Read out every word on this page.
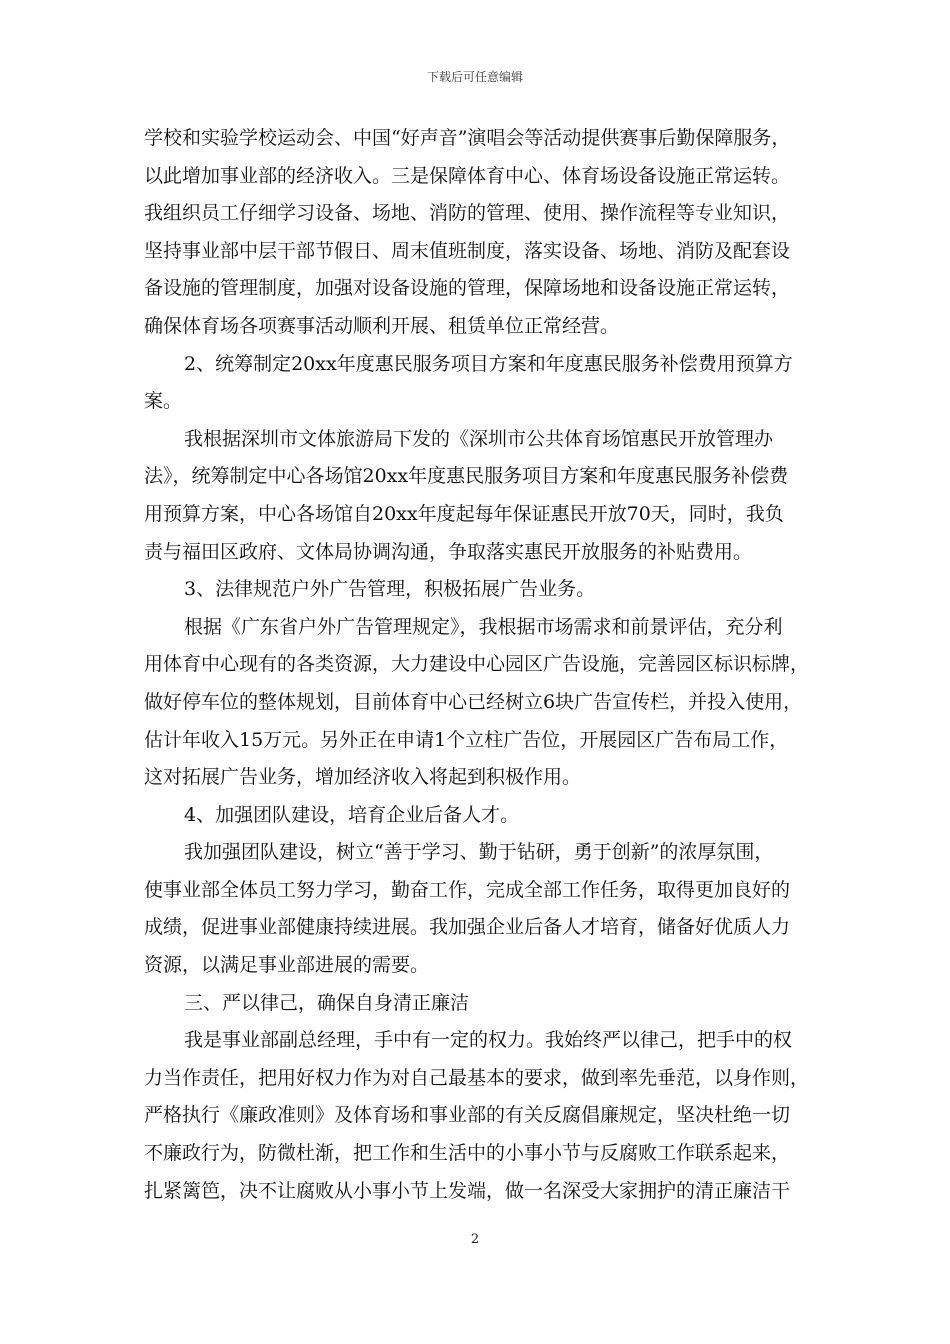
下载后可任意编辑
学校和实验学校运动会、中国“好声音”演唱会等活动提供赛事后勤保障服务，
以此增加事业部的经济收入。三是保障体育中心、体育场设备设施正常运转。
我组织员工仔细学习设备、场地、消防的管理、使用、操作流程等专业知识，
坚持事业部中层干部节假日、周末值班制度，落实设备、场地、消防及配套设
备设施的管理制度，加强对设备设施的管理，保障场地和设备设施正常运转，
确保体育场各项赛事活动顺利开展、租赁单位正常经营。
2、统筹制定20xx年度惠民服务项目方案和年度惠民服务补偿费用预算方
案。
我根据深圳市文体旅游局下发的《深圳市公共体育场馆惠民开放管理办
法》，统筹制定中心各场馆20xx年度惠民服务项目方案和年度惠民服务补偿费
用预算方案，中心各场馆自20xx年度起每年保证惠民开放70天，同时，我负
责与福田区政府、文体局协调沟通，争取落实惠民开放服务的补贴费用。
3、法律规范户外广告管理，积极拓展广告业务。
根据《广东省户外广告管理规定》，我根据市场需求和前景评估，充分利
用体育中心现有的各类资源，大力建设中心园区广告设施，完善园区标识标牌，
做好停车位的整体规划，目前体育中心已经树立6块广告宣传栏，并投入使用，
估计年收入15万元。另外正在申请1个立柱广告位，开展园区广告布局工作，
这对拓展广告业务，增加经济收入将起到积极作用。
4、加强团队建设，培育企业后备人才。
我加强团队建设，树立“善于学习、勤于钻研，勇于创新”的浓厚氛围，
使事业部全体员工努力学习，勤奋工作，完成全部工作任务，取得更加良好的
成绩，促进事业部健康持续进展。我加强企业后备人才培育，储备好优质人力
资源，以满足事业部进展的需要。
三、严以律己，确保自身清正廉洁
我是事业部副总经理，手中有一定的权力。我始终严以律己，把手中的权
力当作责任，把用好权力作为对自己最基本的要求，做到率先垂范，以身作则，
严格执行《廉政准则》及体育场和事业部的有关反腐倡廉规定，坚决杜绝一切
不廉政行为，防微杜渐，把工作和生活中的小事小节与反腐败工作联系起来，
扎紧篱笆，决不让腐败从小事小节上发端，做一名深受大家拥护的清正廉洁干
2
